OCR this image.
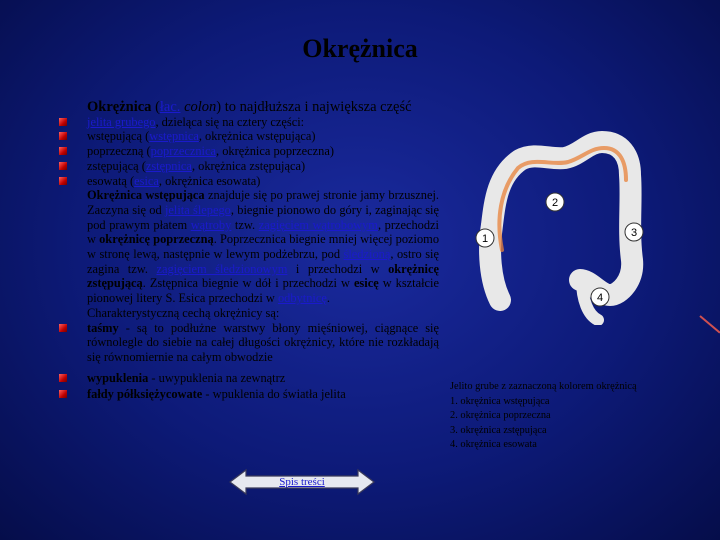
Okrężnica

Okrężnica (łac. colon) to najdłuższa i największa część

jelita grubego, dzieląca się na cztery części:

wstępującą (wstępnica, okrężnica wstępująca)

poprzeczną (poprzecznica, okrężnica poprzeczna)

zstępującą (zstępnica, okrężnica zstępująca)

esowatą (esica, okrężnica esowata)

Okrężnica wstępująca znajduje się po prawej stronie jamy brzusznej. Zaczyna się od jelita ślepego, biegnie pionowo do góry i, zaginając się pod prawym płatem wątroby tzw. zagięciem wątrobowym, przechodzi w okrężnicę poprzeczną. Poprzecznica biegnie mniej więcej poziomo w stronę lewą, następnie w lewym podżebrzu, pod śledzioną, ostro się zagina tzw. zagięciem śledzionowym i przechodzi w okrężnicę zstępującą. Zstępnica biegnie w dół i przechodzi w esicę w kształcie pionowej litery S. Esica przechodzi w odbytnicę.

Charakterystyczną cechą okrężnicy są:

taśmy - są to podłużne warstwy błony mięśniowej, ciągnące się równolegle do siebie na całej długości okrężnicy, które nie rozkładają się równomiernie na całym obwodzie

wypuklenia - uwypuklenia na zewnątrz

fałdy półksiężycowate - wpuklenia do światła jelita

1
2
3
4
Jelito grube z zaznaczoną kolorem okrężnicą
1. okrężnica wstępująca
2. okrężnica poprzeczna
3. okrężnica zstępująca
4. okrężnica esowata
Spis treści
